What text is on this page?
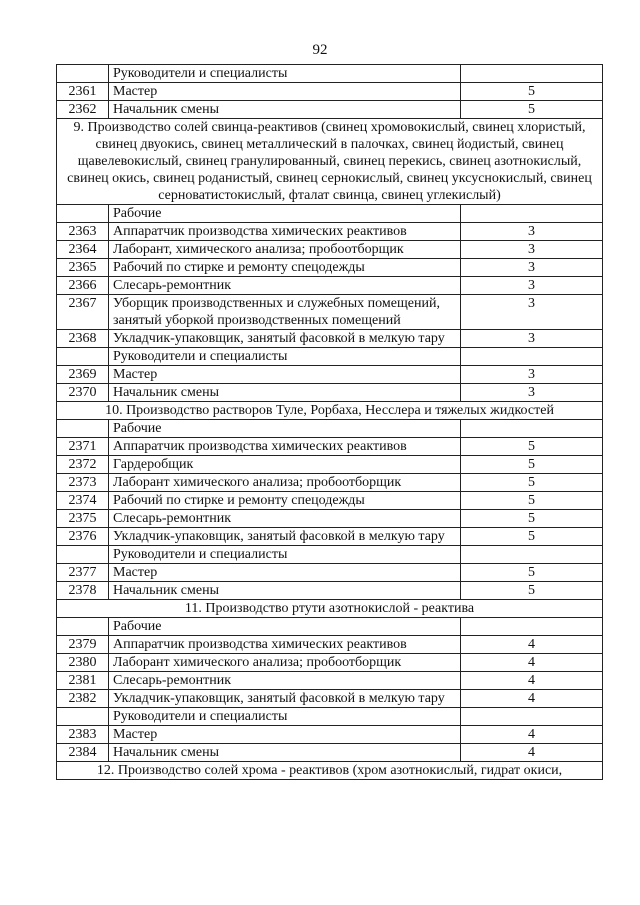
92
	Руководители и специалисты	
2361	Мастер	5
2362	Начальник смены	5
9. Производство солей свинца-реактивов (свинец хромовокислый, свинец хлористый, свинец двуокись, свинец металлический в палочках, свинец йодистый, свинец щавелевокислый, свинец гранулированный, свинец перекись, свинец азотнокислый, свинец окись, свинец роданистый, свинец сернокислый, свинец уксуснокислый, свинец серноватистокислый, фталат свинца, свинец углекислый)		
	Рабочие	
2363	Аппаратчик производства химических реактивов	3
2364	Лаборант, химического анализа; пробоотборщик	3
2365	Рабочий по стирке и ремонту спецодежды	3
2366	Слесарь-ремонтник	3
2367	Уборщик производственных и служебных помещений, занятый уборкой производственных помещений	3
2368	Укладчик-упаковщик, занятый фасовкой в мелкую тару	3
	Руководители и специалисты	
2369	Мастер	3
2370	Начальник смены	3
10. Производство растворов Туле, Рорбаха, Несслера и тяжелых жидкостей		
	Рабочие	
2371	Аппаратчик производства химических реактивов	5
2372	Гардеробщик	5
2373	Лаборант химического анализа; пробоотборщик	5
2374	Рабочий по стирке и ремонту спецодежды	5
2375	Слесарь-ремонтник	5
2376	Укладчик-упаковщик, занятый фасовкой в мелкую тару	5
	Руководители и специалисты	
2377	Мастер	5
2378	Начальник смены	5
11. Производство ртути азотнокислой - реактива		
	Рабочие	
2379	Аппаратчик производства химических реактивов	4
2380	Лаборант химического анализа; пробоотборщик	4
2381	Слесарь-ремонтник	4
2382	Укладчик-упаковщик, занятый фасовкой в мелкую тару	4
	Руководители и специалисты	
2383	Мастер	4
2384	Начальник смены	4
12. Производство солей хрома - реактивов (хром азотнокислый, гидрат окиси,		
